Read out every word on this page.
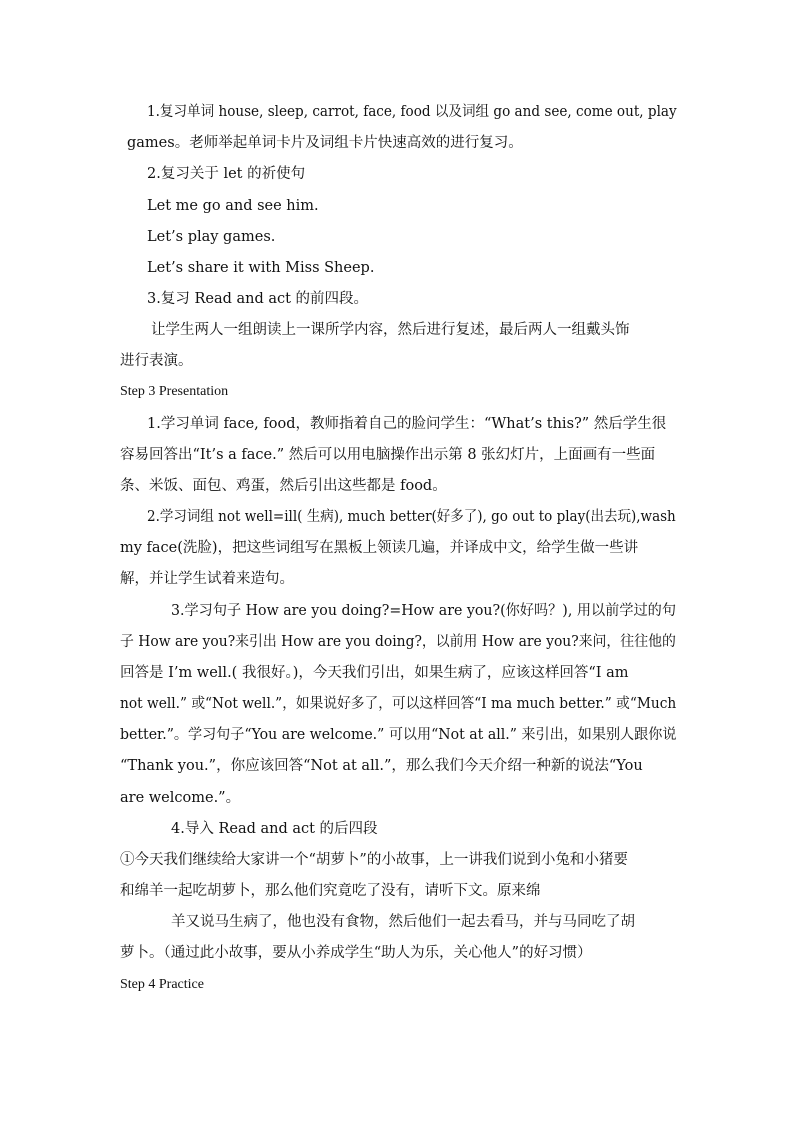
1.复习单词 house, sleep, carrot, face, food 以及词组 go and see, come out, play
games。老师举起单词卡片及词组卡片快速高效的进行复习。
2.复习关于 let 的祈使句
Let me go and see him.
Let’s play games.
Let’s share it with Miss Sheep.
3.复习 Read and act 的前四段。
让学生两人一组朗读上一课所学内容，然后进行复述，最后两人一组戴头饰
进行表演。
Step 3 Presentation
1.学习单词 face, food，教师指着自己的脸问学生：“What’s this?” 然后学生很
容易回答出“It’s a face.” 然后可以用电脑操作出示第 8 张幻灯片，上面画有一些面
条、米饭、面包、鸡蛋，然后引出这些都是 food。
2.学习词组 not well=ill( 生病), much better(好多了), go out to play(出去玩),wash
my face(洗脸)，把这些词组写在黑板上领读几遍，并译成中文，给学生做一些讲
解，并让学生试着来造句。
3.学习句子 How are you doing?=How are you?(你好吗？), 用以前学过的句
子 How are you?来引出 How are you doing?，以前用 How are you?来问，往往他的
回答是 I’m well.( 我很好。)，今天我们引出，如果生病了，应该这样回答“I am
not well.” 或“Not well.”，如果说好多了，可以这样回答“I ma much better.” 或“Much
better.”。学习句子“You are welcome.” 可以用“Not at all.” 来引出，如果别人跟你说
“Thank you.”，你应该回答“Not at all.”，那么我们今天介绍一种新的说法“You
are welcome.”。
4.导入 Read and act 的后四段
①今天我们继续给大家讲一个“胡萝卜”的小故事，上一讲我们说到小兔和小猪要
和绵羊一起吃胡萝卜，那么他们究竟吃了没有，请听下文。原来绵
羊又说马生病了，他也没有食物，然后他们一起去看马，并与马同吃了胡
萝卜。（通过此小故事，要从小养成学生“助人为乐，关心他人”的好习惯）
Step 4 Practice
